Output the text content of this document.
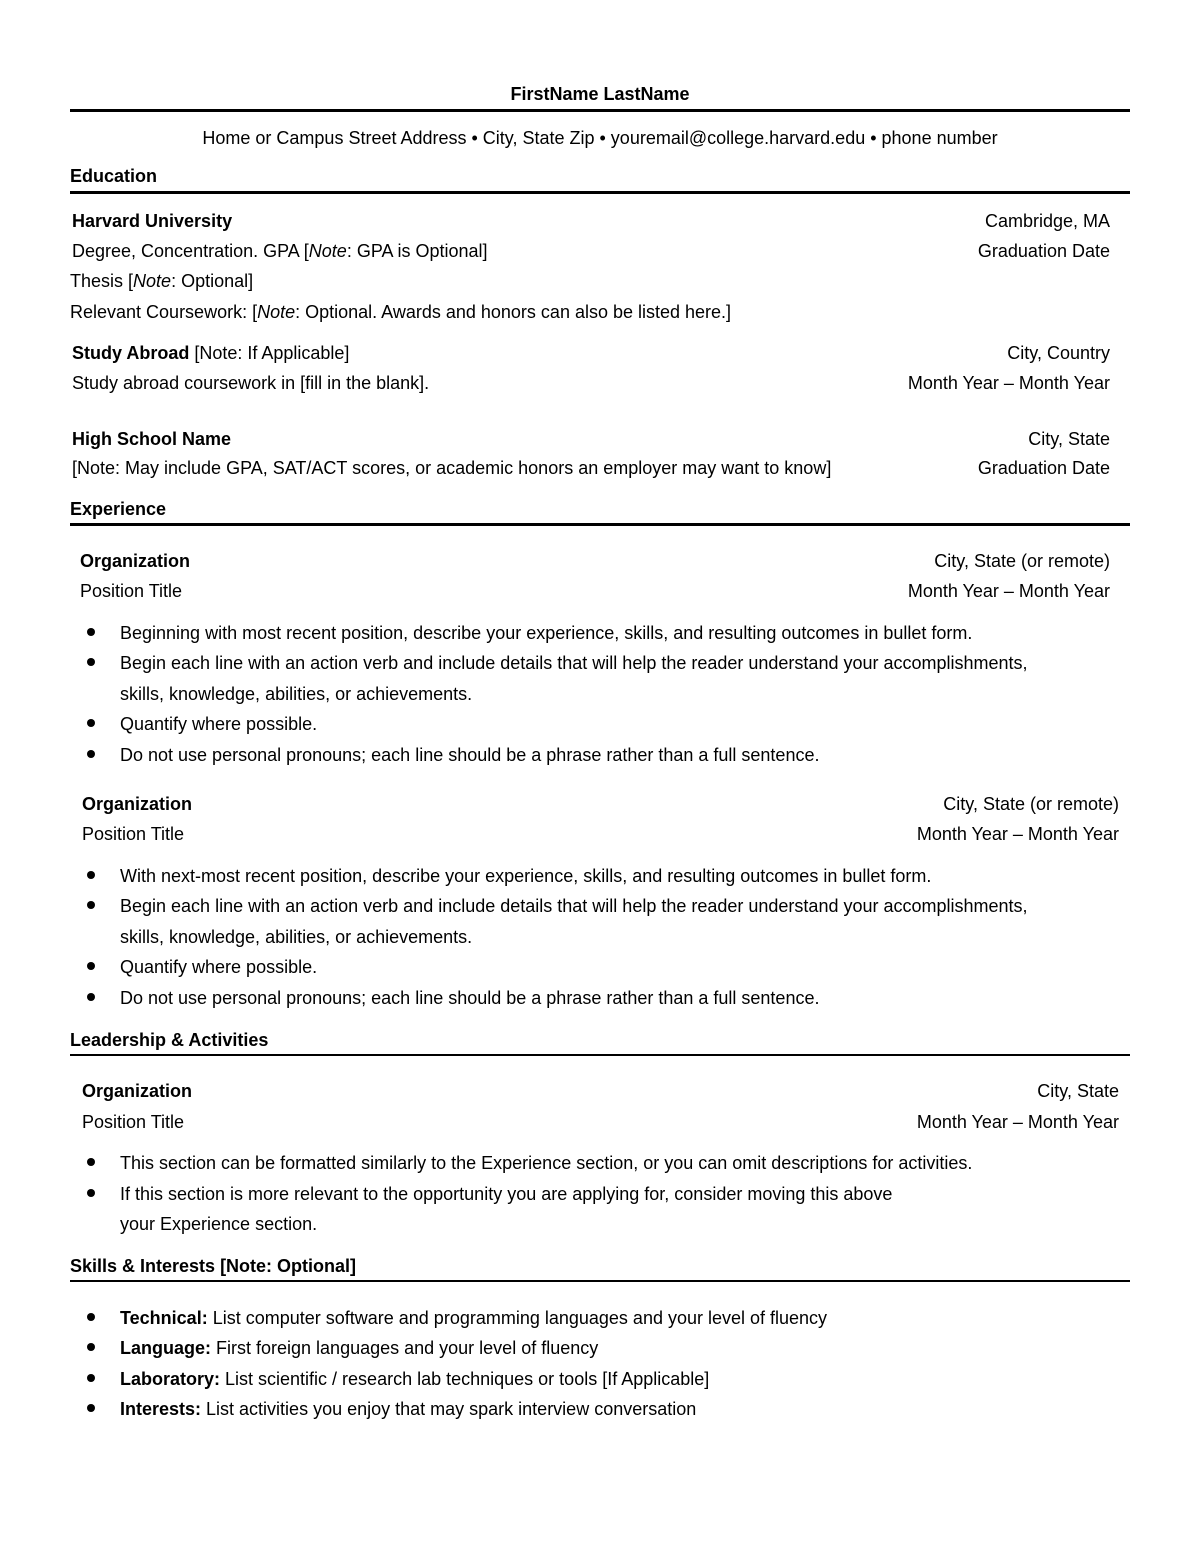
FirstName LastName
Home or Campus Street Address • City, State Zip • youremail@college.harvard.edu • phone number
Education
Harvard University	Cambridge, MA
Degree, Concentration. GPA [Note: GPA is Optional]	Graduation Date
Thesis [Note: Optional]
Relevant Coursework: [Note: Optional. Awards and honors can also be listed here.]
Study Abroad [Note: If Applicable]	City, Country
Study abroad coursework in [fill in the blank].	Month Year – Month Year
High School Name	City, State
[Note: May include GPA, SAT/ACT scores, or academic honors an employer may want to know]	Graduation Date
Experience
Organization	City, State (or remote)
Position Title	Month Year – Month Year
Beginning with most recent position, describe your experience, skills, and resulting outcomes in bullet form.
Begin each line with an action verb and include details that will help the reader understand your accomplishments,
skills, knowledge, abilities, or achievements.
Quantify where possible.
Do not use personal pronouns; each line should be a phrase rather than a full sentence.
Organization	City, State (or remote)
Position Title	Month Year – Month Year
With next-most recent position, describe your experience, skills, and resulting outcomes in bullet form.
Begin each line with an action verb and include details that will help the reader understand your accomplishments,
skills, knowledge, abilities, or achievements.
Quantify where possible.
Do not use personal pronouns; each line should be a phrase rather than a full sentence.
Leadership & Activities
Organization	City, State
Position Title	Month Year – Month Year
This section can be formatted similarly to the Experience section, or you can omit descriptions for activities.
If this section is more relevant to the opportunity you are applying for, consider moving this above
your Experience section.
Skills & Interests [Note: Optional]
Technical: List computer software and programming languages and your level of fluency
Language: First foreign languages and your level of fluency
Laboratory: List scientific / research lab techniques or tools [If Applicable]
Interests: List activities you enjoy that may spark interview conversation
